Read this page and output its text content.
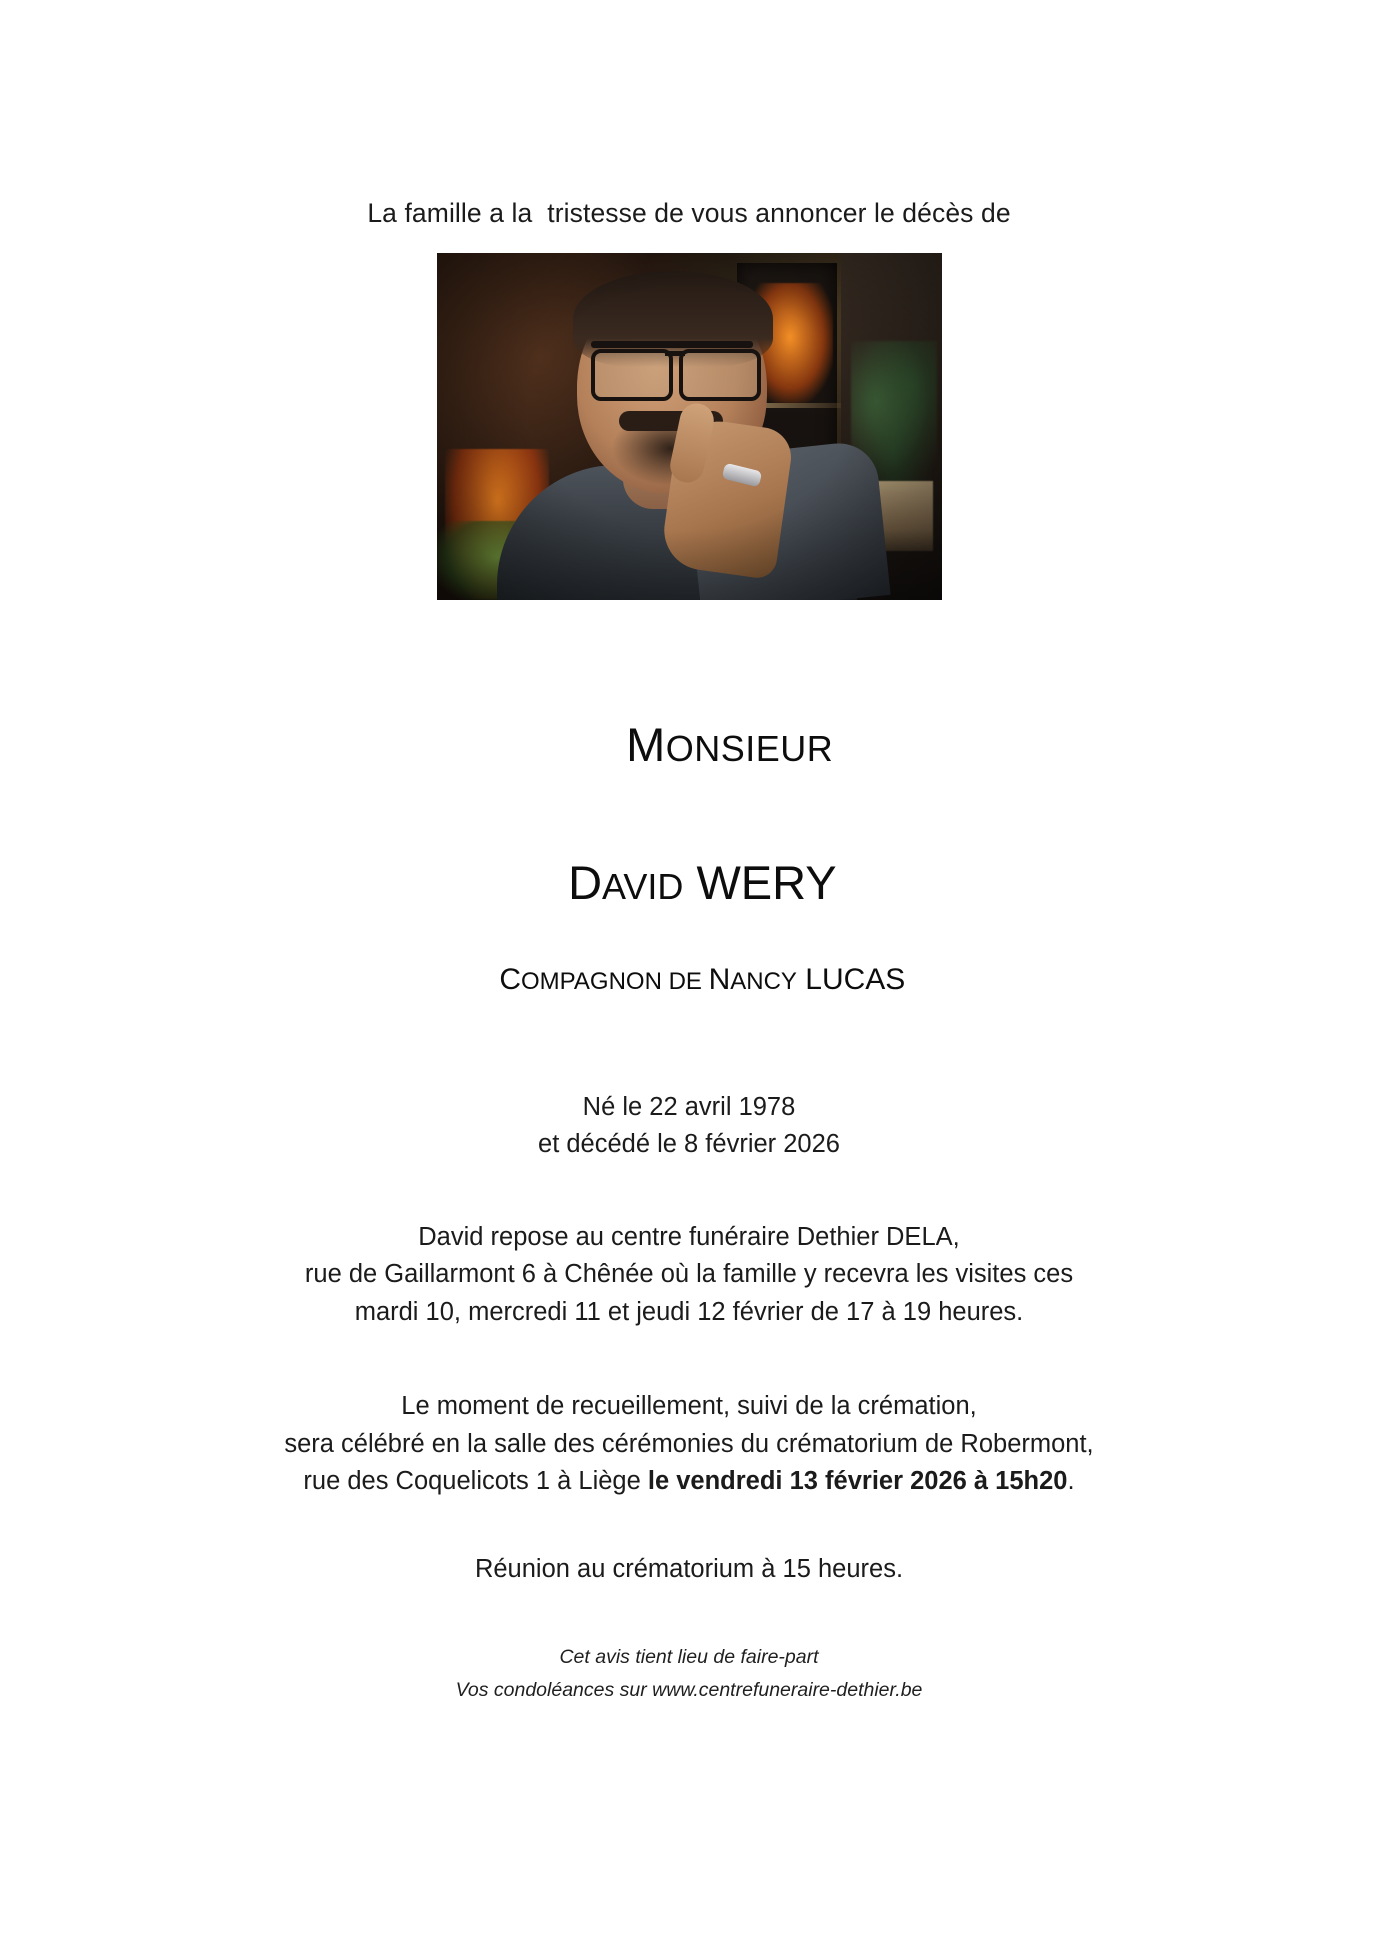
La famille a la  tristesse de vous annoncer le décès de

MONSIEUR

DAVID WERY

COMPAGNON DE NANCY LUCAS

Né le 22 avril 1978
et décédé le 8 février 2026
David repose au centre funéraire Dethier DELA,
rue de Gaillarmont 6 à Chênée où la famille y recevra les visites ces
mardi 10, mercredi 11 et jeudi 12 février de 17 à 19 heures.
Le moment de recueillement, suivi de la crémation,
sera célébré en la salle des cérémonies du crématorium de Robermont,
rue des Coquelicots 1 à Liège le vendredi 13 février 2026 à 15h20.
Réunion au crématorium à 15 heures.
Cet avis tient lieu de faire-part
Vos condoléances sur www.centrefuneraire-dethier.be
